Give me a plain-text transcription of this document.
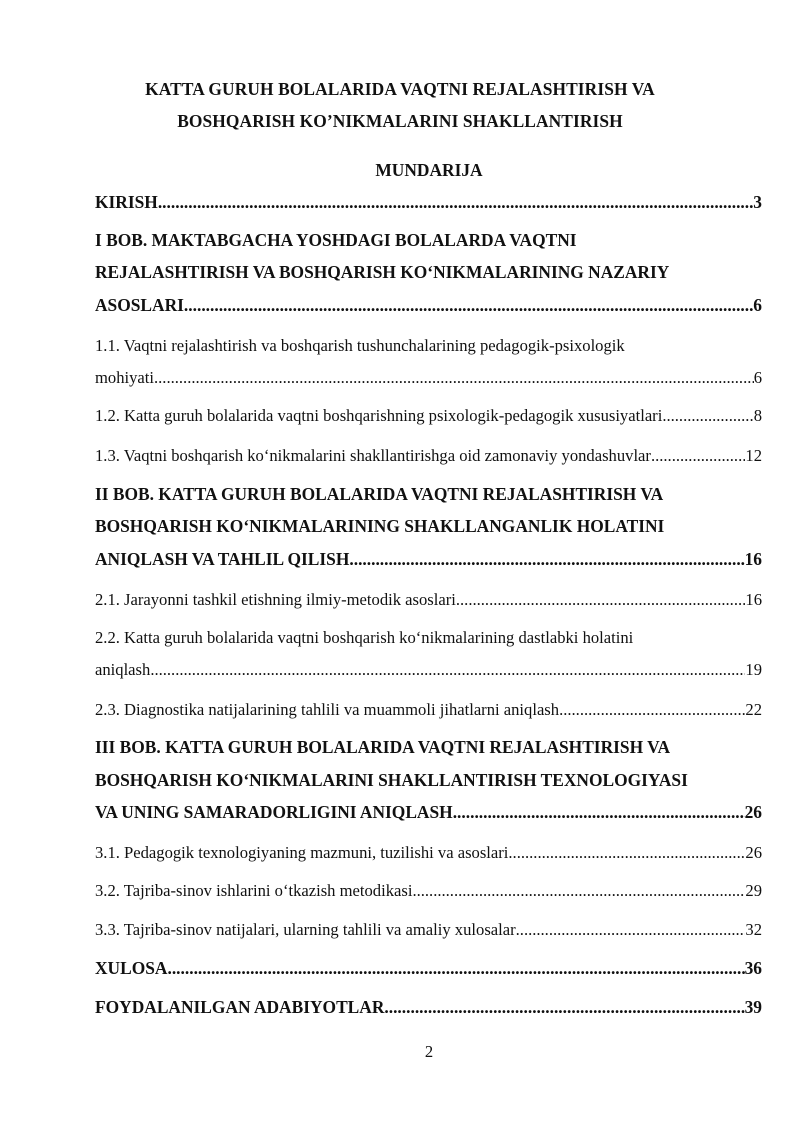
KATTA GURUH BOLALARIDA VAQTNI REJALASHTIRISH VA
BOSHQARISH KO’NIKMALARINI SHAKLLANTIRISH
MUNDARIJA
KIRISH .....	3
I BOB. MAKTABGACHA YOSHDAGI BOLALARDA VAQTNI
REJALASHTIRISH VA BOSHQARISH KO‘NIKMALARINING NAZARIY
ASOSLARI .....	6
1.1. Vaqtni rejalashtirish va boshqarish tushunchalarining pedagogik-psixologik
mohiyati .....	6
1.2. Katta guruh bolalarida vaqtni boshqarishning psixologik-pedagogik xususiyatlari .....	8
1.3. Vaqtni boshqarish ko‘nikmalarini shakllantirishga oid zamonaviy yondashuvlar .....	12
II BOB. KATTA GURUH BOLALARIDA VAQTNI REJALASHTIRISH VA
BOSHQARISH KO‘NIKMALARINING SHAKLLANGANLIK HOLATINI
ANIQLASH VA TAHLIL QILISH .....	16
2.1. Jarayonni tashkil etishning ilmiy-metodik asoslari .....	16
2.2. Katta guruh bolalarida vaqtni boshqarish ko‘nikmalarining dastlabki holatini
aniqlash .....	19
2.3. Diagnostika natijalarining tahlili va muammoli jihatlarni aniqlash .....	22
III BOB. KATTA GURUH BOLALARIDA VAQTNI REJALASHTIRISH VA
BOSHQARISH KO‘NIKMALARINI SHAKLLANTIRISH TEXNOLOGIYASI
VA UNING SAMARADORLIGINI ANIQLASH .....	26
3.1. Pedagogik texnologiyaning mazmuni, tuzilishi va asoslari .....	26
3.2. Tajriba-sinov ishlarini o‘tkazish metodikasi .....	29
3.3. Tajriba-sinov natijalari, ularning tahlili va amaliy xulosalar .....	32
XULOSA .....	36
FOYDALANILGAN ADABIYOTLAR .....	39
2
